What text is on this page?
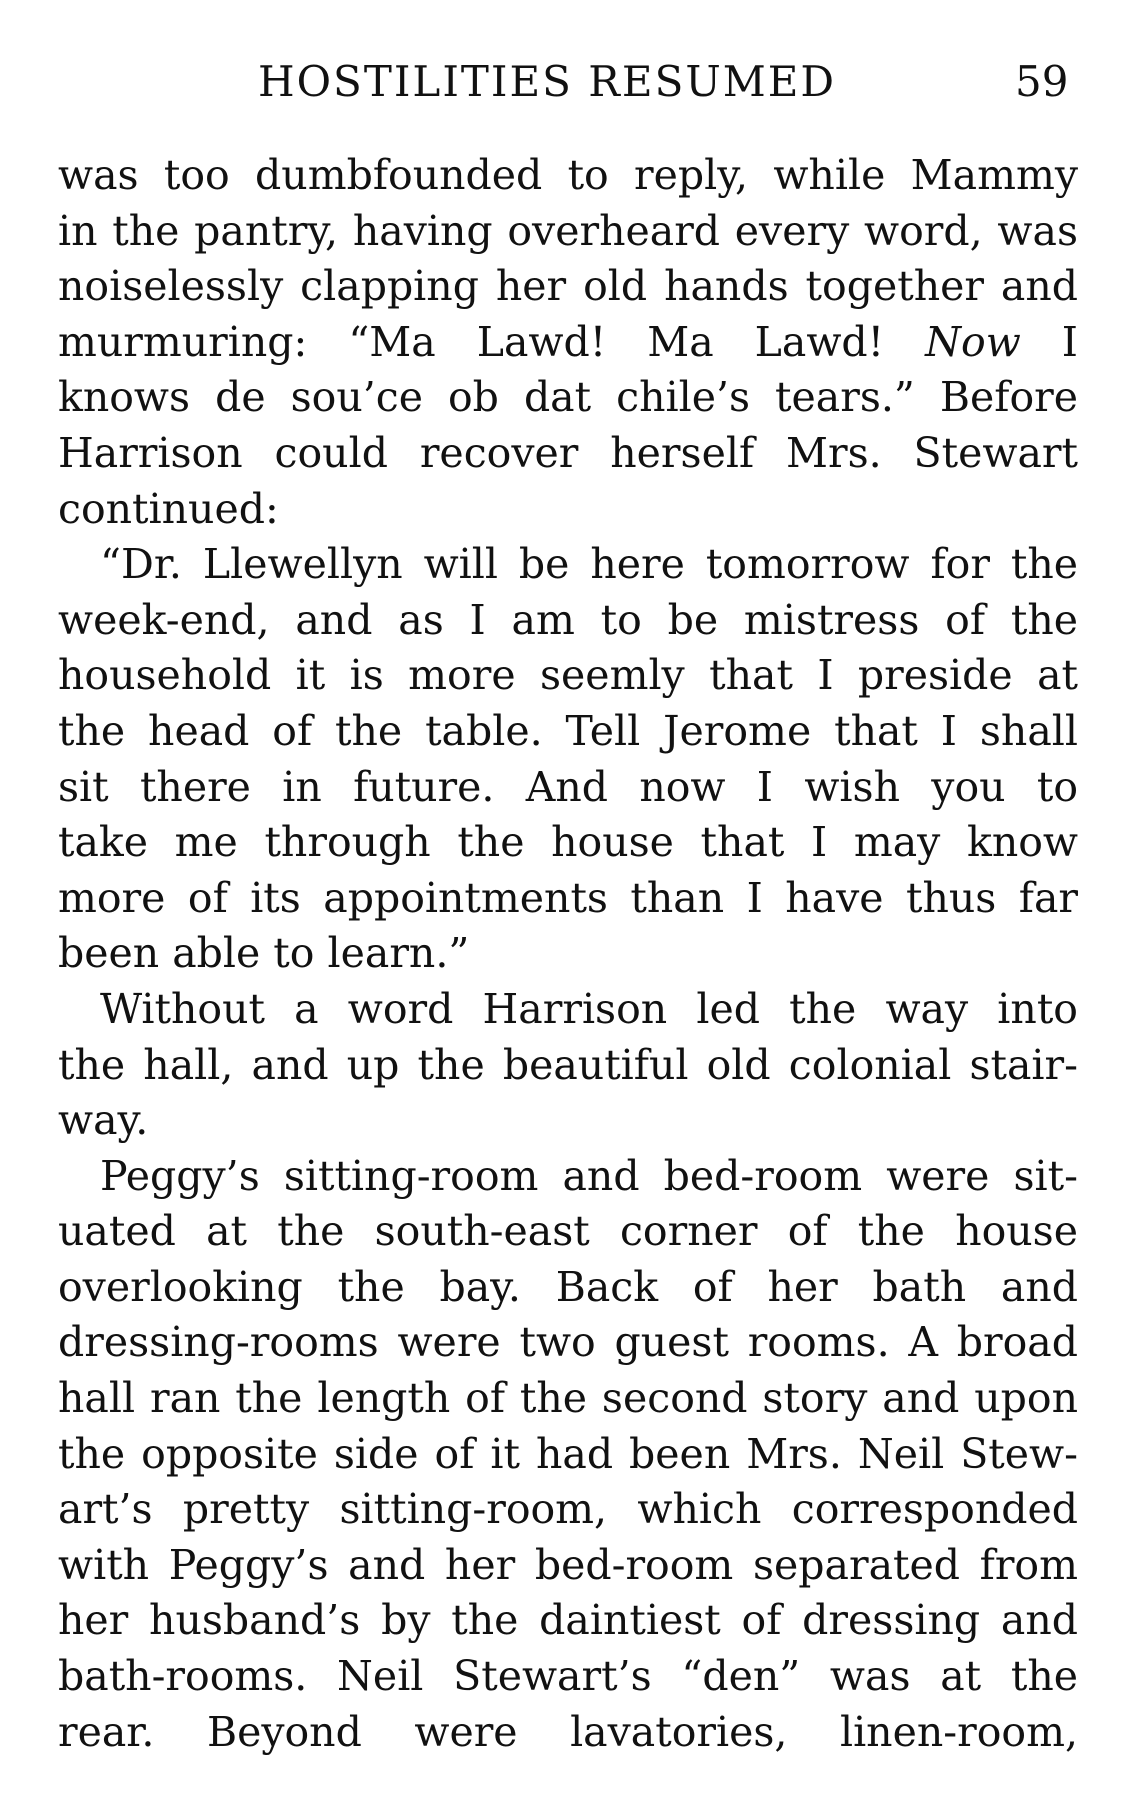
HOSTILITIES RESUMED	59
was too dumbfounded to reply, while Mammy
in the pantry, having overheard every word, was
noiselessly clapping her old hands together and
murmuring: “Ma Lawd! Ma Lawd! Now I
knows de sou’ce ob dat chile’s tears.” Before
Harrison could recover herself Mrs. Stewart
continued:
“Dr. Llewellyn will be here tomorrow for the
week-end, and as I am to be mistress of the
household it is more seemly that I preside at
the head of the table. Tell Jerome that I shall
sit there in future. And now I wish you to
take me through the house that I may know
more of its appointments than I have thus far
been able to learn.”
Without a word Harrison led the way into
the hall, and up the beautiful old colonial stair-
way.
Peggy’s sitting-room and bed-room were sit-
uated at the south-east corner of the house
overlooking the bay. Back of her bath and
dressing-rooms were two guest rooms. A broad
hall ran the length of the second story and upon
the opposite side of it had been Mrs. Neil Stew-
art’s pretty sitting-room, which corresponded
with Peggy’s and her bed-room separated from
her husband’s by the daintiest of dressing and
bath-rooms. Neil Stewart’s “den” was at the
rear. Beyond were lavatories, linen-room,
